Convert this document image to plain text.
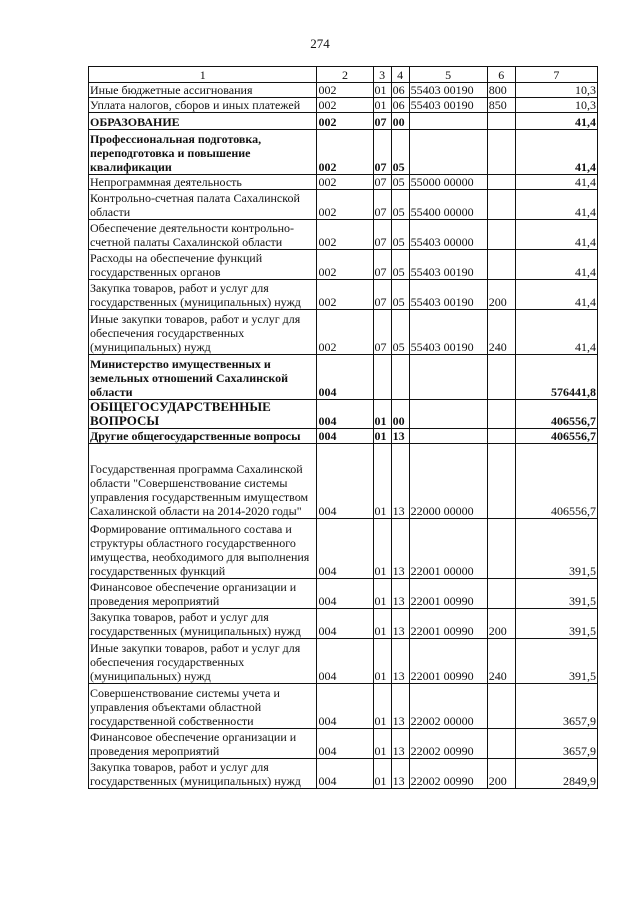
274
1	2	3	4	5	6	7
Иные бюджетные ассигнования	002	01	06	55403 00190	800	10,3
Уплата налогов, сборов и иных платежей	002	01	06	55403 00190	850	10,3
ОБРАЗОВАНИЕ	002	07	00			41,4
Профессиональная подготовка, переподготовка и повышение квалификации	002	07	05			41,4
Непрограммная деятельность	002	07	05	55000 00000		41,4
Контрольно-счетная палата Сахалинской области	002	07	05	55400 00000		41,4
Обеспечение деятельности контрольно-счетной палаты Сахалинской области	002	07	05	55403 00000		41,4
Расходы на обеспечение функций государственных органов	002	07	05	55403 00190		41,4
Закупка товаров, работ и услуг для государственных (муниципальных) нужд	002	07	05	55403 00190	200	41,4
Иные закупки товаров, работ и услуг для обеспечения государственных (муниципальных) нужд	002	07	05	55403 00190	240	41,4
Министерство имущественных и земельных отношений Сахалинской области	004					576441,8
ОБЩЕГОСУДАРСТВЕННЫЕ ВОПРОСЫ	004	01	00			406556,7
Другие общегосударственные вопросы	004	01	13			406556,7
Государственная программа Сахалинской области "Совершенствование системы управления государственным имуществом Сахалинской области на 2014-2020 годы"	004	01	13	22000 00000		406556,7
Формирование оптимального состава и структуры областного государственного имущества, необходимого для выполнения государственных функций	004	01	13	22001 00000		391,5
Финансовое обеспечение организации и проведения мероприятий	004	01	13	22001 00990		391,5
Закупка товаров, работ и услуг для государственных (муниципальных) нужд	004	01	13	22001 00990	200	391,5
Иные закупки товаров, работ и услуг для обеспечения государственных (муниципальных) нужд	004	01	13	22001 00990	240	391,5
Совершенствование системы учета и управления объектами областной государственной собственности	004	01	13	22002 00000		3657,9
Финансовое обеспечение организации и проведения мероприятий	004	01	13	22002 00990		3657,9
Закупка товаров, работ и услуг для государственных (муниципальных) нужд	004	01	13	22002 00990	200	2849,9
